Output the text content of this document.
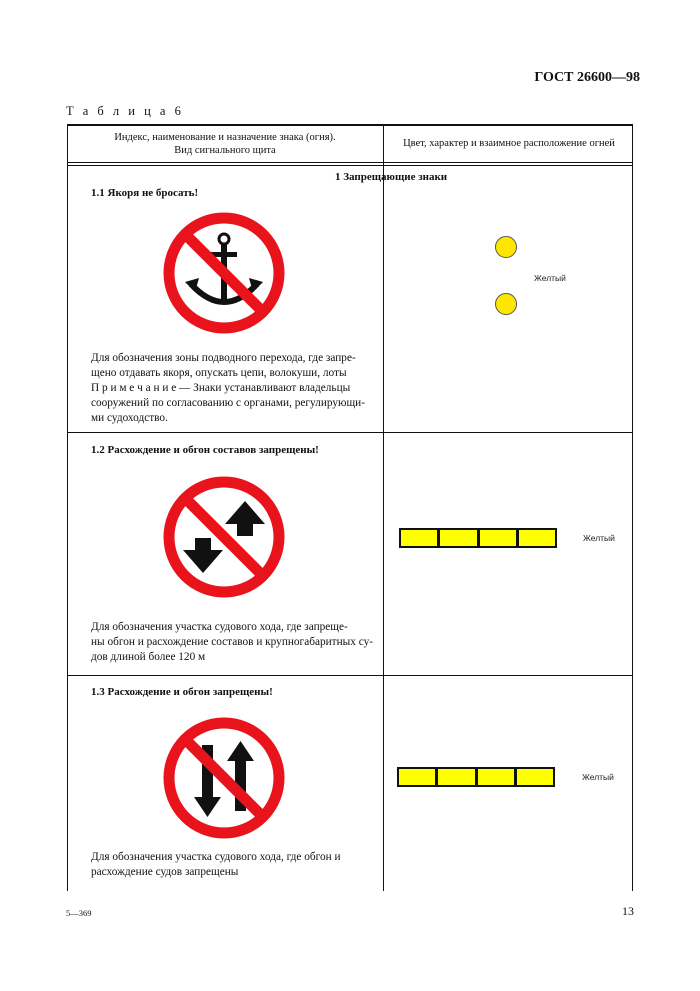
ГОСТ 26600—98
Т а б л и ц а 6
Индекс, наименование и назначение знака (огня).
Вид сигнального щита
Цвет, характер и взаимное расположение огней
1 Запрещающие знаки
1.1 Якоря не бросать!
Для обозначения зоны подводного перехода, где запре-
щено отдавать якоря, опускать цепи, волокуши, лоты
П р и м е ч а н и е — Знаки устанавливают владельцы
сооружений по согласованию с органами, регулирующи-
ми судоходство.
Желтый
1.2 Расхождение и обгон составов запрещены!
Для обозначения участка судового хода, где запреще-
ны обгон и расхождение составов и крупногабаритных су-
дов длиной более 120 м
Желтый
1.3 Расхождение и обгон запрещены!
Для обозначения участка судового хода, где обгон и
расхождение судов запрещены
Желтый
5—369	13
